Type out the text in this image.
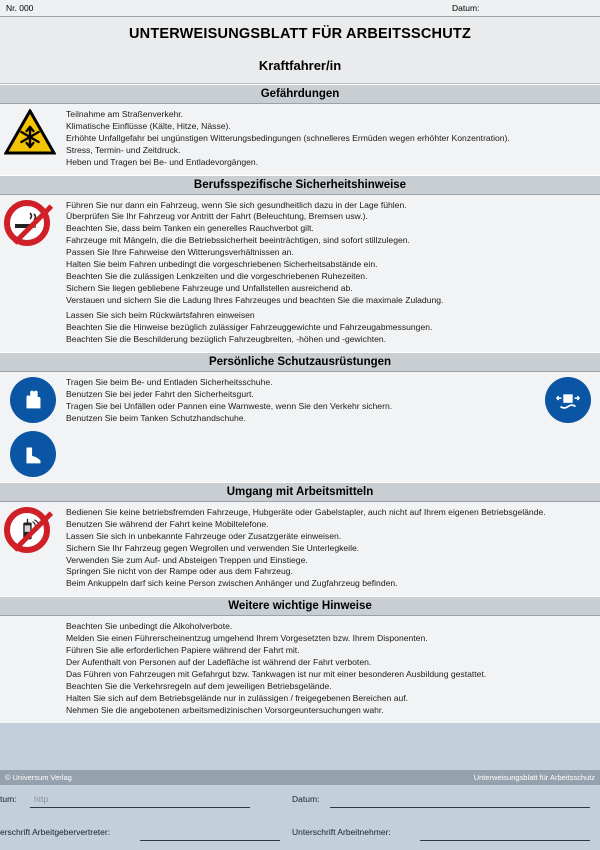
Nr. 000	Datum:
UNTERWEISUNGSBLATT FÜR ARBEITSSCHUTZ
Kraftfahrer/in
Gefährdungen

Teilnahme am Straßenverkehr.

Klimatische Einflüsse (Kälte, Hitze, Nässe).

Erhöhte Unfallgefahr bei ungünstigen Witterungsbedingungen (schnelleres Ermüden wegen erhöhter Konzentration).

Stress, Termin- und Zeitdruck.

Heben und Tragen bei Be- und Entladevorgängen.

Berufsspezifische Sicherheitshinweise

Führen Sie nur dann ein Fahrzeug, wenn Sie sich gesundheitlich dazu in der Lage fühlen.

Überprüfen Sie Ihr Fahrzeug vor Antritt der Fahrt (Beleuchtung, Bremsen usw.).

Beachten Sie, dass beim Tanken ein generelles Rauchverbot gilt.

Fahrzeuge mit Mängeln, die die Betriebssicherheit beeinträchtigen, sind sofort stillzulegen.

Passen Sie Ihre Fahrweise den Witterungsverhältnissen an.

Halten Sie beim Fahren unbedingt die vorgeschriebenen Sicherheitsabstände ein.

Beachten Sie die zulässigen Lenkzeiten und die vorgeschriebenen Ruhezeiten.

Sichern Sie liegen gebliebene Fahrzeuge und Unfallstellen ausreichend ab.

Verstauen und sichern Sie die Ladung Ihres Fahrzeuges und beachten Sie die maximale Zuladung.

Lassen Sie sich beim Rückwärtsfahren einweisen

Beachten Sie die Hinweise bezüglich zulässiger Fahrzeuggewichte und Fahrzeugabmessungen.

Beachten Sie die Beschilderung bezüglich Fahrzeugbreiten, -höhen und -gewichten.

Persönliche Schutzausrüstungen

Tragen Sie beim Be- und Entladen Sicherheitsschuhe.

Benutzen Sie bei jeder Fahrt den Sicherheitsgurt.

Tragen Sie bei Unfällen oder Pannen eine Warnweste, wenn Sie den Verkehr sichern.

Benutzen Sie beim Tanken Schutzhandschuhe.

Umgang mit Arbeitsmitteln

Bedienen Sie keine betriebsfremden Fahrzeuge, Hubgeräte oder Gabelstapler, auch nicht auf Ihrem eigenen Betriebsgelände.

Benutzen Sie während der Fahrt keine Mobiltelefone.

Lassen Sie sich in unbekannte Fahrzeuge oder Zusatzgeräte einweisen.

Sichern Sie Ihr Fahrzeug gegen Wegrollen und verwenden Sie Unterlegkeile.

Verwenden Sie zum Auf- und Absteigen Treppen und Einstiege.

Springen Sie nicht von der Rampe oder aus dem Fahrzeug.

Beim Ankuppeln darf sich keine Person zwischen Anhänger und Zugfahrzeug befinden.

Weitere wichtige Hinweise

Beachten Sie unbedingt die Alkoholverbote.

Melden Sie einen Führerscheinentzug umgehend Ihrem Vorgesetzten bzw. Ihrem Disponenten.

Führen Sie alle erforderlichen Papiere während der Fahrt mit.

Der Aufenthalt von Personen auf der Ladefläche ist während der Fahrt verboten.

Das Führen von Fahrzeugen mit Gefahrgut bzw. Tankwagen ist nur mit einer besonderen Ausbildung gestattet.

Beachten Sie die Verkehrsregeln auf dem jeweiligen Betriebsgelände.

Halten Sie sich auf dem Betriebsgelände nur in zulässigen / freigegebenen Bereichen auf.

Nehmen Sie die angebotenen arbeitsmedizinischen Vorsorgeuntersuchungen wahr.

© Universum Verlag	Unterweisungsblatt für Arbeitsschutz
tum: http	Datum:
erschrift Arbeitgebervertreter:	Unterschrift Arbeitnehmer:
